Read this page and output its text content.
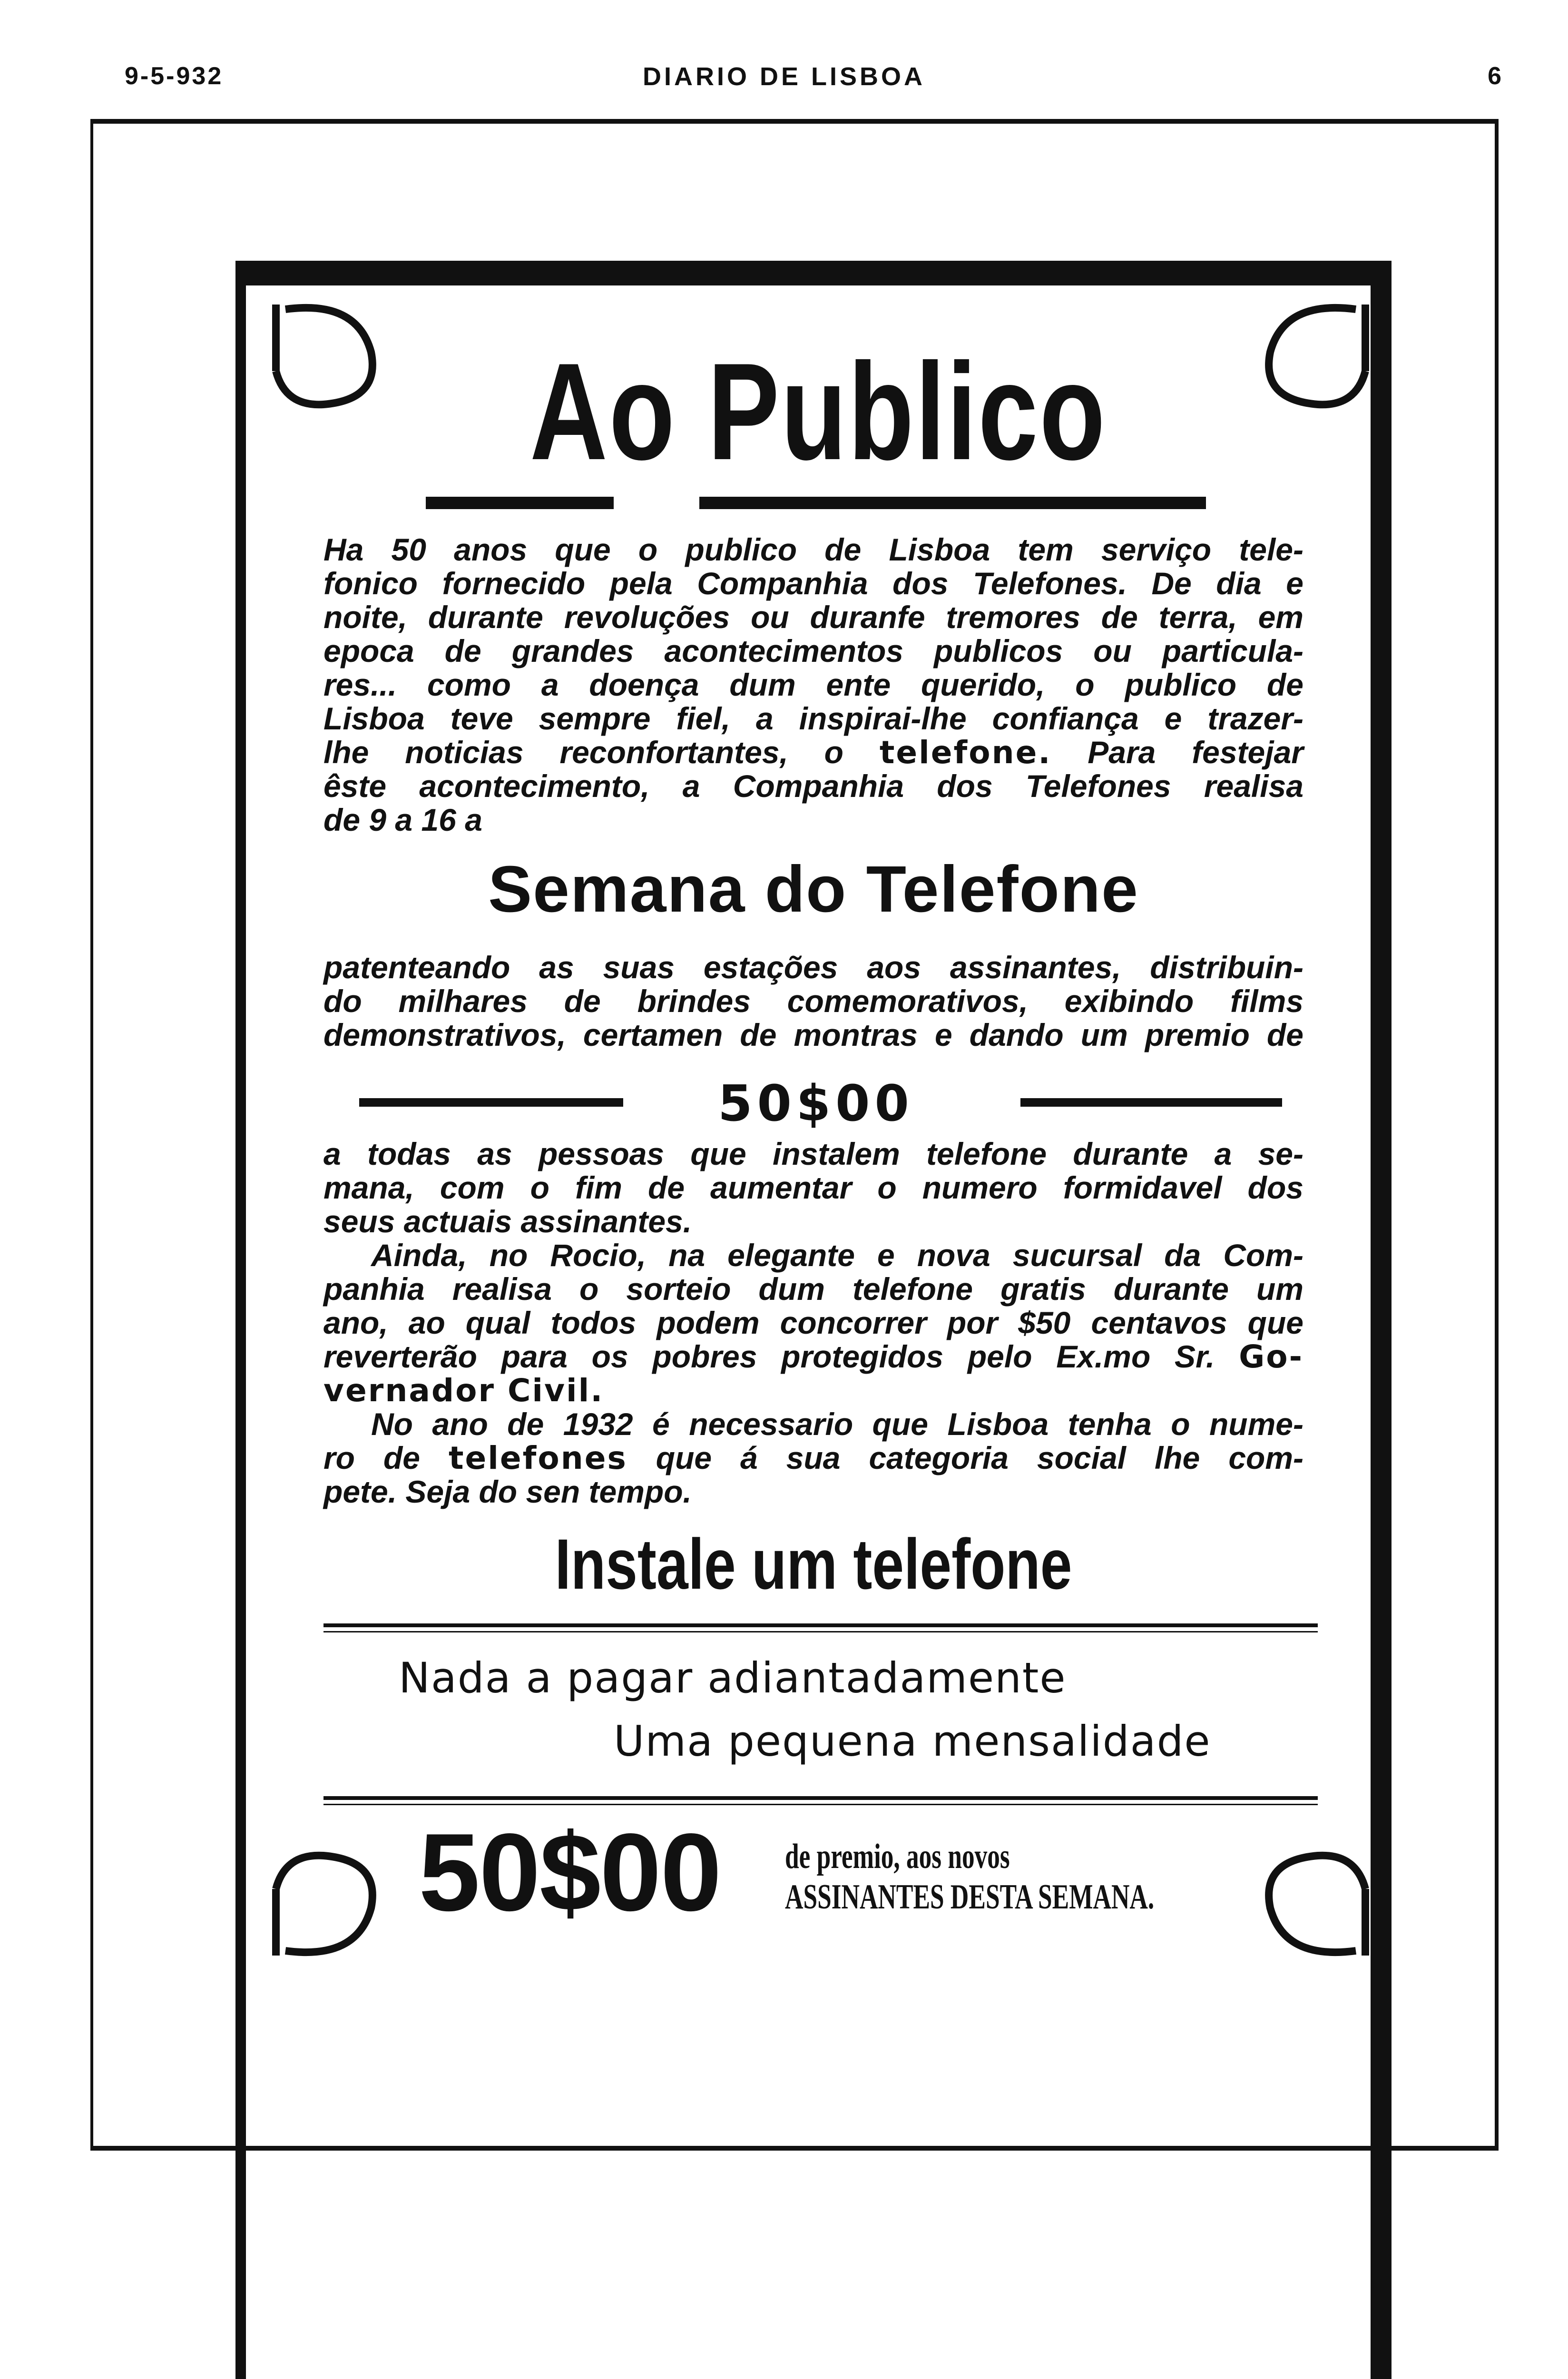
9-5-932	DIARIO DE LISBOA	6
Ao Publico
Ha 50 anos que o publico de Lisboa tem serviço tele-
fonico fornecido pela Companhia dos Telefones. De dia e
noite, durante revoluções ou duranfe tremores de terra, em
epoca de grandes acontecimentos publicos ou particula-
res... como a doença dum ente querido, o publico de
Lisboa teve sempre fiel, a inspirai-lhe confiança e trazer-
lhe noticias reconfortantes, o telefone. Para festejar
êste acontecimento, a Companhia dos Telefones realisa
de 9 a 16 a
Semana do Telefone
patenteando as suas estações aos assinantes, distribuin-
do milhares de brindes comemorativos, exibindo films
demonstrativos, certamen de montras e dando um premio de
50$00
a todas as pessoas que instalem telefone durante a se-
mana, com o fim de aumentar o numero formidavel dos
seus actuais assinantes.
Ainda, no Rocio, na elegante e nova sucursal da Com-
panhia realisa o sorteio dum telefone gratis durante um
ano, ao qual todos podem concorrer por $50 centavos que
reverterão para os pobres protegidos pelo Ex.mo Sr. Go-
vernador Civil.
No ano de 1932 é necessario que Lisboa tenha o nume-
ro de telefones que á sua categoria social lhe com-
pete. Seja do sen tempo.
Instale um telefone
Nada a pagar adiantadamente
Uma pequena mensalidade
50$00 de premio, aos novos
ASSINANTES DESTA SEMANA.
